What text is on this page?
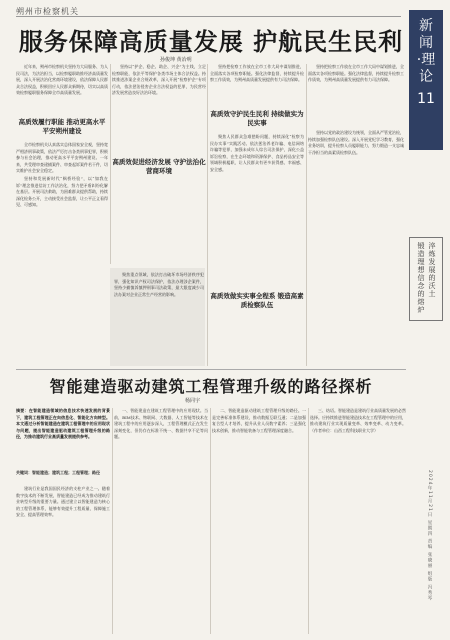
朔州市检察机关
服务保障高质量发展 护航民生民利
孙俊坤 黄冶明

近年来，朔州市检察机关坚持为大局服务、为人民司法，为法治担当，以检察履职助推经济高质量发展，深入开展法治化营商环境建设，依法保障人民群众合法权益，积极回应人民群众新期待，切实以高质效检察履职服务保障全市高质量发展。

高质效履行职能 推动更高水平平安朔州建设

全市检察机关认真落实总体国家安全观，坚持宽严相济刑事政策，依法严厉打击各类刑事犯罪，积极参与社会治理，推动更高水平平安朔州建设。一年来，共受理审查逮捕案件、审查起诉案件若干件，切实维护社会安全稳定。

坚持和发展新时代“枫桥经验”，以“如我在诉”理念推进信访工作法治化，努力把矛盾纠纷化解在基层。开展司法救助，为困难群众提供帮助，持续深化检务公开，主动接受社会监督，让公平正义看得见、可感知。

坚持以“护企、稳企、助企、兴企”为主线，立足检察职能，依法平等保护各类市场主体合法权益。持续推进涉案企业合规改革，深入开展“检察护企”专项行动，依法惩治侵害企业合法权益的犯罪，为民营经济发展营造良好法治环境。

高质效促进经济发展 守护法治化营商环境

聚焦重点领域，依法打击破坏市场经济秩序犯罪，强化知识产权司法保护，依法办理涉企案件，坚持少捕慎诉慎押刑事司法政策，最大限度减少司法办案对企业正常生产经营的影响。

坚持把检察工作放在全市工作大局中谋划推进，全面落实各项检察职能。强化法律监督，持续提升检察工作质效，为朔州高质量发展提供有力司法保障。

高质效守护民生民利 持续做实为民实事

聚焦人民群众急难愁盼问题，持续深化“检察为民办实事”实践活动。依法惩治养老诈骗、电信网络诈骗等犯罪，加强未成年人综合司法保护，深化公益诉讼检察，在生态环境和资源保护、食品药品安全等领域积极履职，让人民群众有更多获得感、幸福感、安全感。

坚持把检察工作放在全市工作大局中谋划推进，全面落实各项检察职能。强化法律监督，持续提升检察工作质效，为朔州高质量发展提供有力司法保障。

高质效做实实事全程系 锻造高素质检察队伍

坚持以党的政治建设为统领，全面从严管党治检，持续加强检察队伍建设。深入开展党纪学习教育，强化业务培训，提升检察人员履职能力，努力锻造一支忠诚干净担当的高素质检察队伍。

新
闻
·理
论
11
淬炼发展的沃土
锻造理想信念的熔炉
2024年11月21日 星期四 责编 张晓丽 组版 冯秀琴
智能建造驱动建筑工程管理升级的路径探析
杨同宇
摘要：在智能建造领域的信息技术快速发展的背景下，建筑工程管理正在向信息化、智能化方向转型。本文通过分析智能建造在建筑工程管理中的应用现状与问题，提出智能建造驱动建筑工程管理升级的路径，为推动建筑行业高质量发展提供参考。
关键词：智能建造；建筑工程；工程管理；路径

建筑行业是我国国民经济的支柱产业之一。随着数字技术的不断发展，智能建造已经成为推动建筑行业转型升级的重要力量。通过建立以智能建造为核心的工程管理体系，能够有效提升工程质量、保障施工安全、提高管理效率。

一、智能建造在建筑工程管理中的应用现状。当前，BIM技术、物联网、大数据、人工智能等技术在建筑工程中的应用逐步深入，工程管理模式正在发生深刻变化，但仍存在标准不统一、数据共享不足等问题。

二、智能建造驱动建筑工程管理升级的路径。一是完善标准体系建设，推动数据互联互通；二是加强复合型人才培养，提升从业人员数字素养；三是强化技术创新，推动智能装备与工程管理深度融合。

三、结语。智能建造是建筑行业高质量发展的必然选择。应持续推进智能建造技术在工程管理中的应用，推动建筑行业实现质量变革、效率变革、动力变革。（作者单位：山西工程科技职业大学）
